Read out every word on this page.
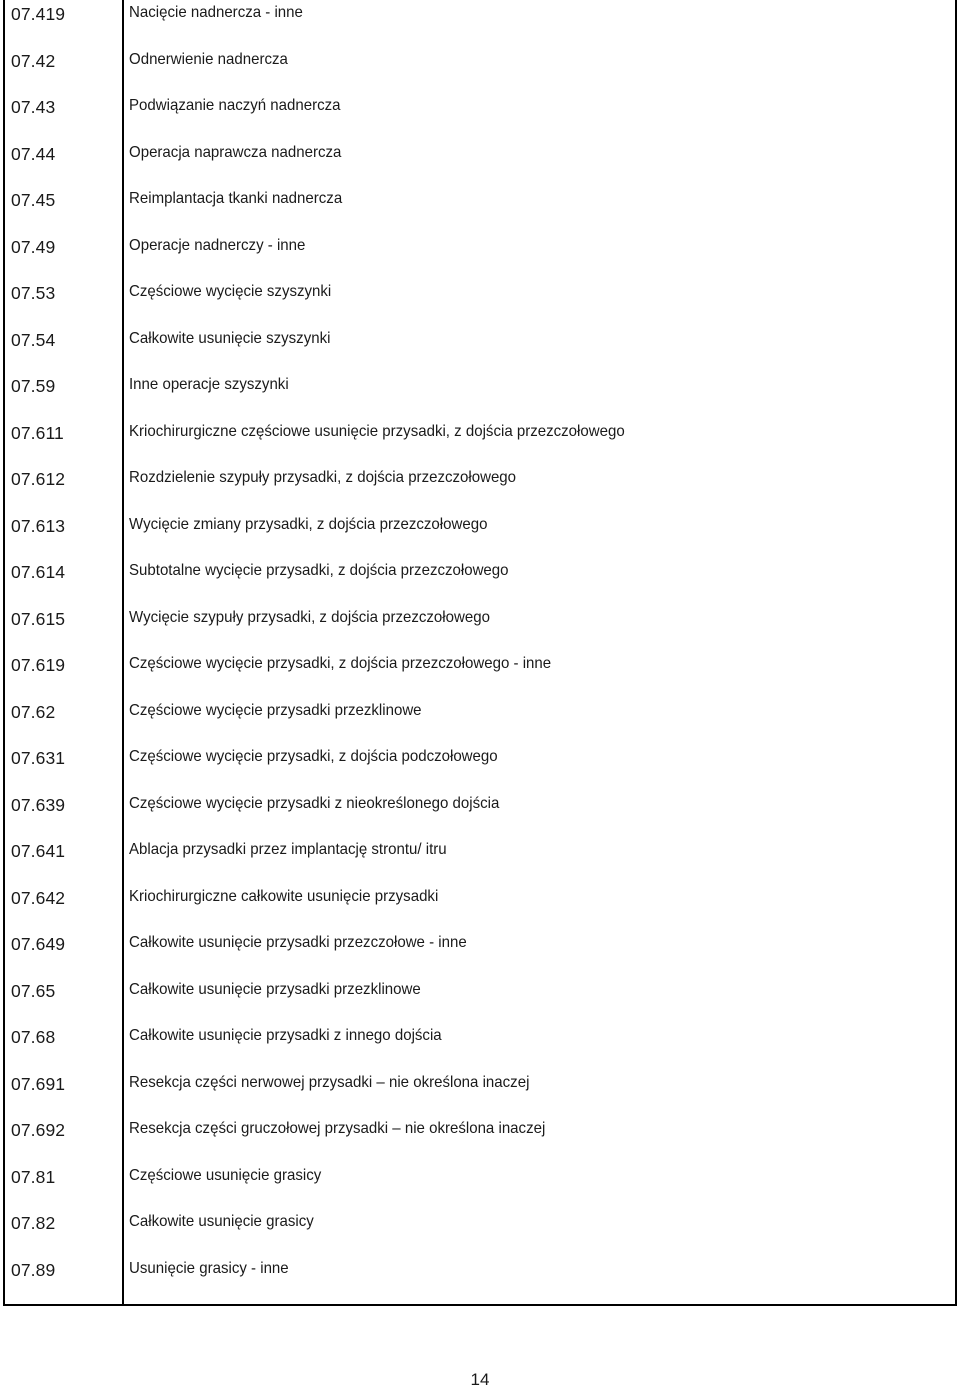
07.419	Nacięcie nadnercza - inne
07.42	Odnerwienie nadnercza
07.43	Podwiązanie naczyń nadnercza
07.44	Operacja naprawcza nadnercza
07.45	Reimplantacja tkanki nadnercza
07.49	Operacje nadnerczy - inne
07.53	Częściowe wycięcie szyszynki
07.54	Całkowite usunięcie szyszynki
07.59	Inne operacje szyszynki
07.611	Kriochirurgiczne częściowe usunięcie przysadki, z dojścia przezczołowego
07.612	Rozdzielenie szypuły przysadki, z dojścia przezczołowego
07.613	Wycięcie zmiany przysadki, z dojścia przezczołowego
07.614	Subtotalne wycięcie przysadki, z dojścia przezczołowego
07.615	Wycięcie szypuły przysadki, z dojścia przezczołowego
07.619	Częściowe wycięcie przysadki, z dojścia przezczołowego - inne
07.62	Częściowe wycięcie przysadki przezklinowe
07.631	Częściowe wycięcie przysadki, z dojścia podczołowego
07.639	Częściowe wycięcie przysadki z nieokreślonego dojścia
07.641	Ablacja przysadki przez implantację strontu/ itru
07.642	Kriochirurgiczne całkowite usunięcie przysadki
07.649	Całkowite usunięcie przysadki przezczołowe - inne
07.65	Całkowite usunięcie przysadki przezklinowe
07.68	Całkowite usunięcie przysadki z innego dojścia
07.691	Resekcja części nerwowej przysadki – nie określona inaczej
07.692	Resekcja części gruczołowej przysadki – nie określona inaczej
07.81	Częściowe usunięcie grasicy
07.82	Całkowite usunięcie grasicy
07.89	Usunięcie grasicy - inne
14
